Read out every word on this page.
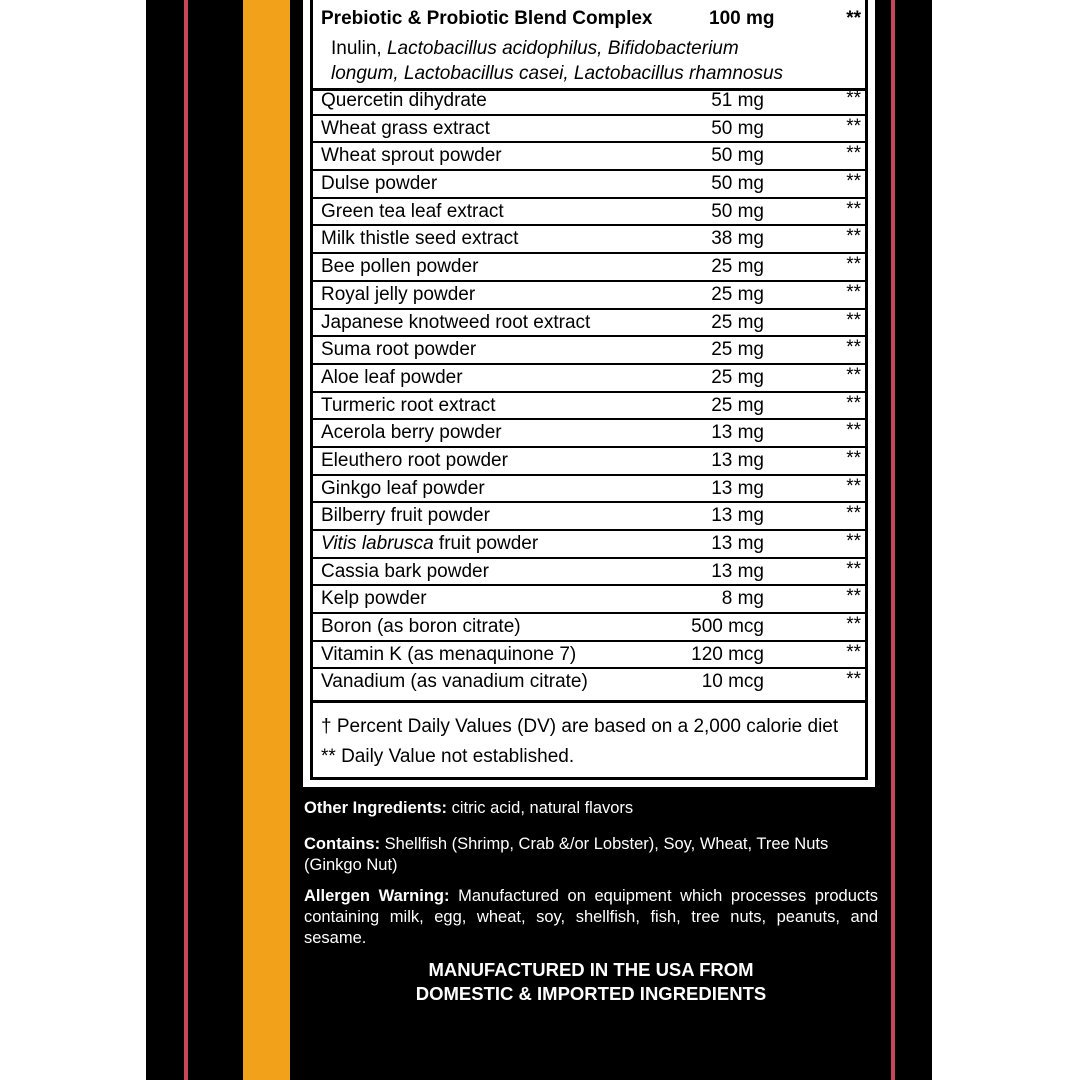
Prebiotic & Probiotic Blend Complex	100 mg	**
Inulin, Lactobacillus acidophilus, Bifidobacterium
longum, Lactobacillus casei, Lactobacillus rhamnosus
Quercetin dihydrate	51 mg	**
Wheat grass extract	50 mg	**
Wheat sprout powder	50 mg	**
Dulse powder	50 mg	**
Green tea leaf extract	50 mg	**
Milk thistle seed extract	38 mg	**
Bee pollen powder	25 mg	**
Royal jelly powder	25 mg	**
Japanese knotweed root extract	25 mg	**
Suma root powder	25 mg	**
Aloe leaf powder	25 mg	**
Turmeric root extract	25 mg	**
Acerola berry powder	13 mg	**
Eleuthero root powder	13 mg	**
Ginkgo leaf powder	13 mg	**
Bilberry fruit powder	13 mg	**
Vitis labrusca fruit powder	13 mg	**
Cassia bark powder	13 mg	**
Kelp powder	8 mg	**
Boron (as boron citrate)	500 mcg	**
Vitamin K (as menaquinone 7)	120 mcg	**
Vanadium (as vanadium citrate)	10 mcg	**
† Percent Daily Values (DV) are based on a 2,000 calorie diet
** Daily Value not established.
Other Ingredients: citric acid, natural flavors
Contains: Shellfish (Shrimp, Crab &/or Lobster), Soy, Wheat, Tree Nuts (Ginkgo Nut)
Allergen Warning: Manufactured on equipment which processes products containing milk, egg, wheat, soy, shellfish, fish, tree nuts, peanuts, and sesame.
MANUFACTURED IN THE USA FROM
DOMESTIC & IMPORTED INGREDIENTS
